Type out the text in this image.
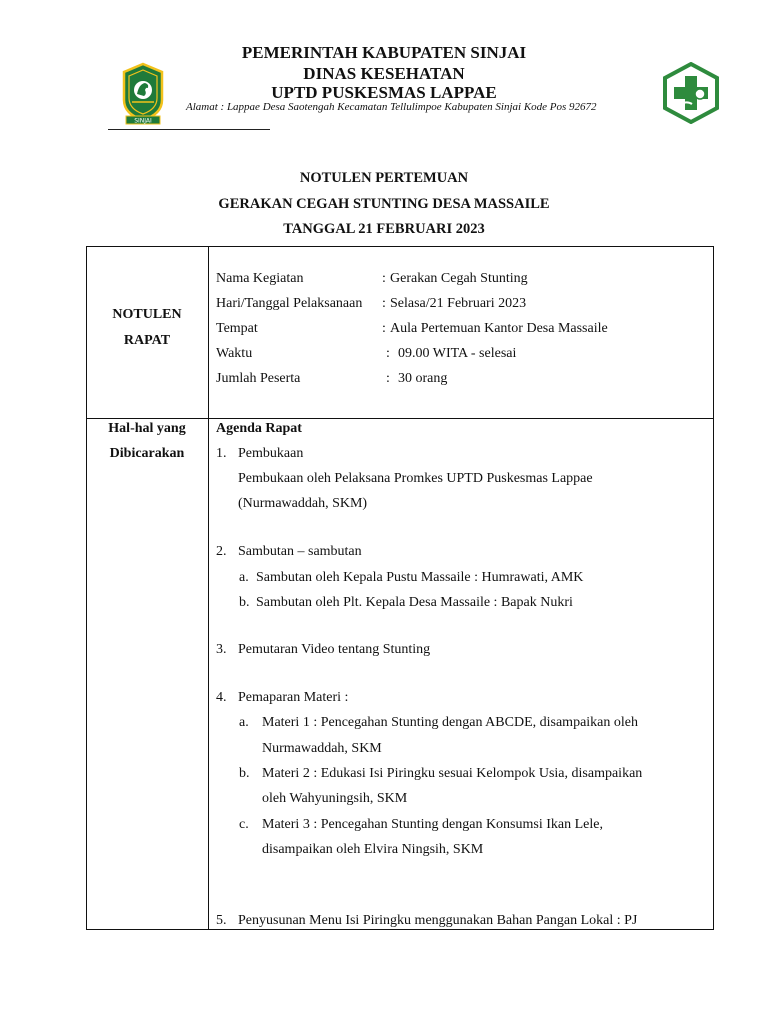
SINJAI
PEMERINTAH KABUPATEN SINJAI
DINAS KESEHATAN
UPTD PUSKESMAS LAPPAE
Alamat : Lappae Desa Saotengah Kecamatan Tellulimpoe Kabupaten Sinjai Kode Pos 92672
NOTULEN PERTEMUAN
GERAKAN CEGAH STUNTING DESA MASSAILE
TANGGAL 21 FEBRUARI 2023
NOTULEN
RAPAT
Nama Kegiatan	: Gerakan Cegah Stunting
Hari/Tanggal Pelaksanaan : Selasa/21 Februari 2023
Tempat	: Aula Pertemuan Kantor Desa Massaile
Waktu	: 09.00 WITA - selesai
Jumlah Peserta	: 30 orang
Hal-hal yang
Dibicarakan
Agenda Rapat
1. Pembukaan
Pembukaan oleh Pelaksana Promkes UPTD Puskesmas Lappae
(Nurmawaddah, SKM)
2. Sambutan – sambutan
a. Sambutan oleh Kepala Pustu Massaile : Humrawati, AMK
b. Sambutan oleh Plt. Kepala Desa Massaile : Bapak Nukri
3. Pemutaran Video tentang Stunting
4. Pemaparan Materi :
a. Materi 1 : Pencegahan Stunting dengan ABCDE, disampaikan oleh
Nurmawaddah, SKM
b. Materi 2 : Edukasi Isi Piringku sesuai Kelompok Usia, disampaikan
oleh Wahyuningsih, SKM
c. Materi 3 : Pencegahan Stunting dengan Konsumsi Ikan Lele,
disampaikan oleh Elvira Ningsih, SKM
5. Penyusunan Menu Isi Piringku menggunakan Bahan Pangan Lokal : PJ
